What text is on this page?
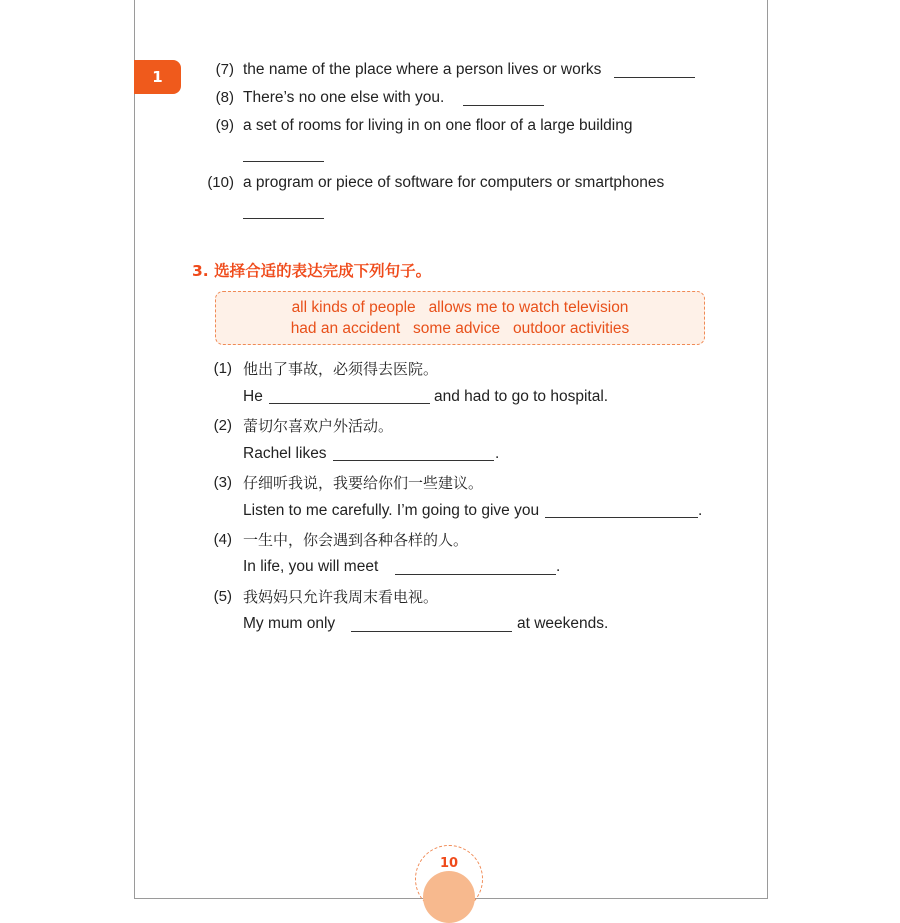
1	(7) the name of the place where a person lives or works
(8) There’s no one else with you.
(9) a set of rooms for living in on one floor of a large building
(10) a program or piece of software for computers or smartphones
3. 选择合适的表达完成下列句子。
all kinds of people   allows me to watch television
had an accident   some advice   outdoor activities
(1) 他出了事故，必须得去医院。
He	and had to go to hospital.
(2) 蕾切尔喜欢户外活动。
Rachel likes	.
(3) 仔细听我说，我要给你们一些建议。
Listen to me carefully. I’m going to give you	.
(4) 一生中，你会遇到各种各样的人。
In life, you will meet	.
(5) 我妈妈只允许我周末看电视。
My mum only	at weekends.
10
